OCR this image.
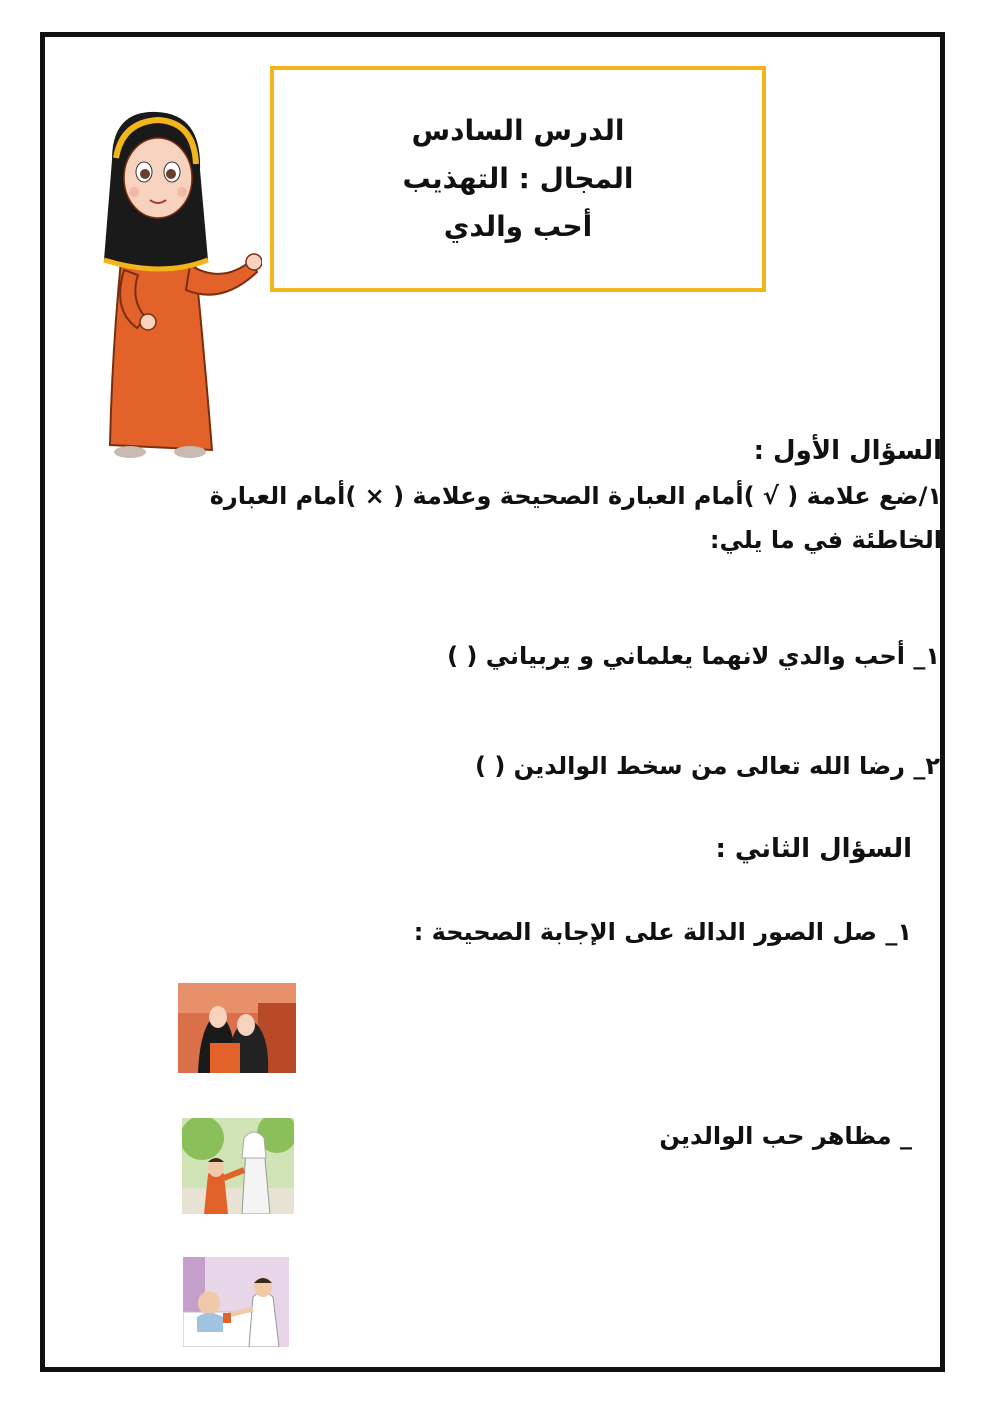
الدرس السادس
المجال : التهذيب
أحب والدي
السؤال الأول :
١/ضع علامة ( √ )أمام العبارة الصحيحة وعلامة ( × )أمام العبارة
الخاطئة في ما يلي:
١_ أحب والدي لانهما يعلماني و يربياني ( )
٢_ رضا الله تعالى من سخط الوالدين ( )
السؤال الثاني :
١_ صل الصور الدالة على الإجابة الصحيحة :
_ مظاهر حب الوالدين
